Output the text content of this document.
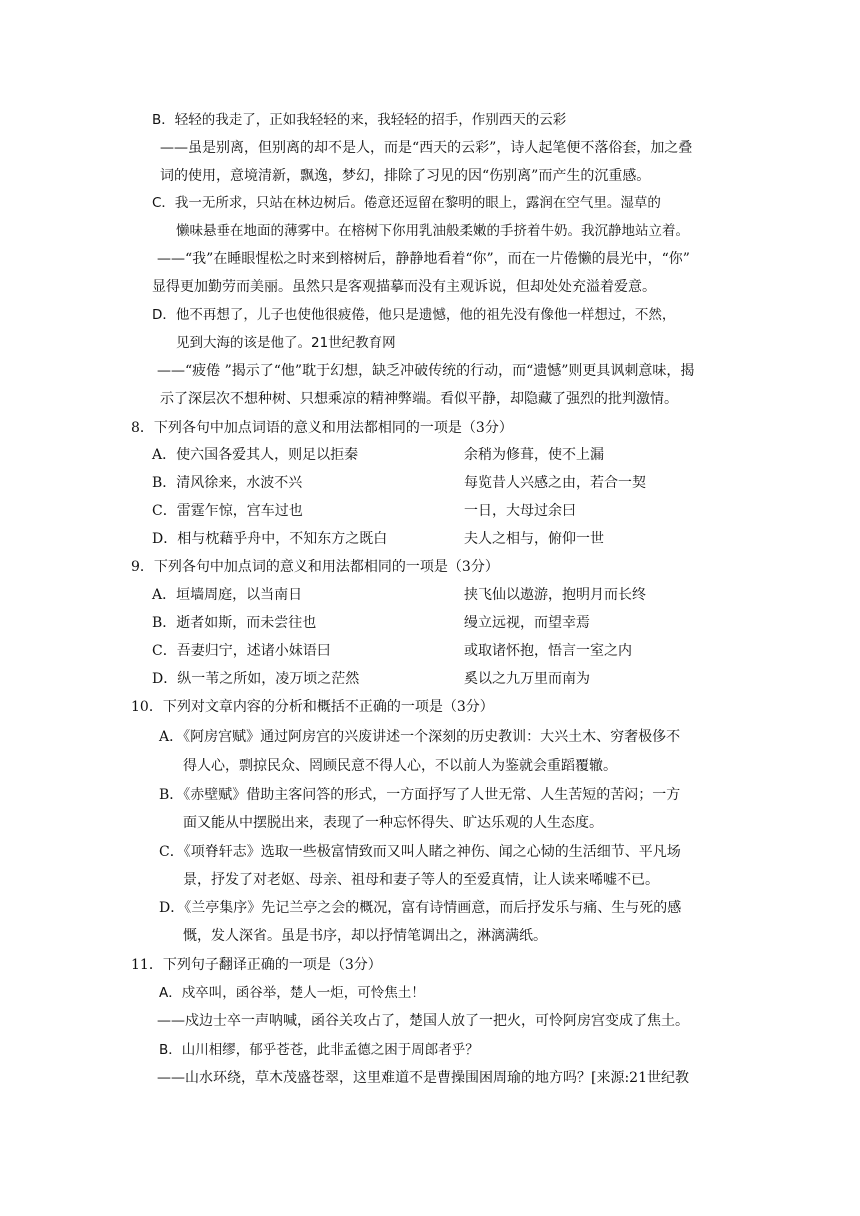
B．轻轻的我走了，正如我轻轻的来，我轻轻的招手，作别西天的云彩
——虽是别离，但别离的却不是人，而是“西天的云彩”，诗人起笔便不落俗套，加之叠
词的使用，意境清新，飘逸，梦幻，排除了习见的因“伤别离”而产生的沉重感。
C．我一无所求，只站在林边树后。倦意还逗留在黎明的眼上，露润在空气里。湿草的
懒味悬垂在地面的薄雾中。在榕树下你用乳油般柔嫩的手挤着牛奶。我沉静地站立着。
——“我”在睡眼惺松之时来到榕树后，静静地看着“你”，而在一片倦懒的晨光中，“你”
显得更加勤劳而美丽。虽然只是客观描摹而没有主观诉说，但却处处充溢着爱意。
D．他不再想了，儿子也使他很疲倦，他只是遗憾，他的祖先没有像他一样想过，不然，
见到大海的该是他了。21世纪教育网
——“疲倦 ”揭示了“他”耽于幻想，缺乏冲破传统的行动，而“遗憾”则更具讽刺意味，揭
示了深层次不想种树、只想乘凉的精神弊端。看似平静，却隐藏了强烈的批判激情。
8．下列各句中加点词语的意义和用法都相同的一项是（3分）
A．使六国各爱其人，则足以拒秦	余稍为修葺，使不上漏
B．清风徐来，水波不兴	每览昔人兴感之由，若合一契
C．雷霆乍惊，宫车过也	一日，大母过余曰
D．相与枕藉乎舟中，不知东方之既白	夫人之相与，俯仰一世
9．下列各句中加点词的意义和用法都相同的一项是（3分）
A．垣墙周庭，以当南日	挟飞仙以遨游，抱明月而长终
B．逝者如斯，而未尝往也	缦立远视，而望幸焉
C．吾妻归宁，述诸小妹语曰	或取诸怀抱，悟言一室之内
D．纵一苇之所如，凌万顷之茫然	奚以之九万里而南为
10．下列对文章内容的分析和概括不正确的一项是（3分）
A．《阿房宫赋》通过阿房宫的兴废讲述一个深刻的历史教训：大兴土木、穷奢极侈不
得人心，剽掠民众、罔顾民意不得人心，不以前人为鉴就会重蹈覆辙。
B．《赤壁赋》借助主客问答的形式，一方面抒写了人世无常、人生苦短的苦闷；一方
面又能从中摆脱出来，表现了一种忘怀得失、旷达乐观的人生态度。
C．《项脊轩志》选取一些极富情致而又叫人睹之神伤、闻之心恸的生活细节、平凡场
景，抒发了对老妪、母亲、祖母和妻子等人的至爱真情，让人读来唏嘘不已。
D．《兰亭集序》先记兰亭之会的概况，富有诗情画意，而后抒发乐与痛、生与死的感
慨，发人深省。虽是书序，却以抒情笔调出之，淋漓满纸。
11．下列句子翻译正确的一项是（3分）
A．戍卒叫，函谷举，楚人一炬，可怜焦土！
——戍边士卒一声呐喊，函谷关攻占了，楚国人放了一把火，可怜阿房宫变成了焦土。
B．山川相缪，郁乎苍苍，此非孟德之困于周郎者乎？
——山水环绕，草木茂盛苍翠，这里难道不是曹操围困周瑜的地方吗？[来源:21世纪教
